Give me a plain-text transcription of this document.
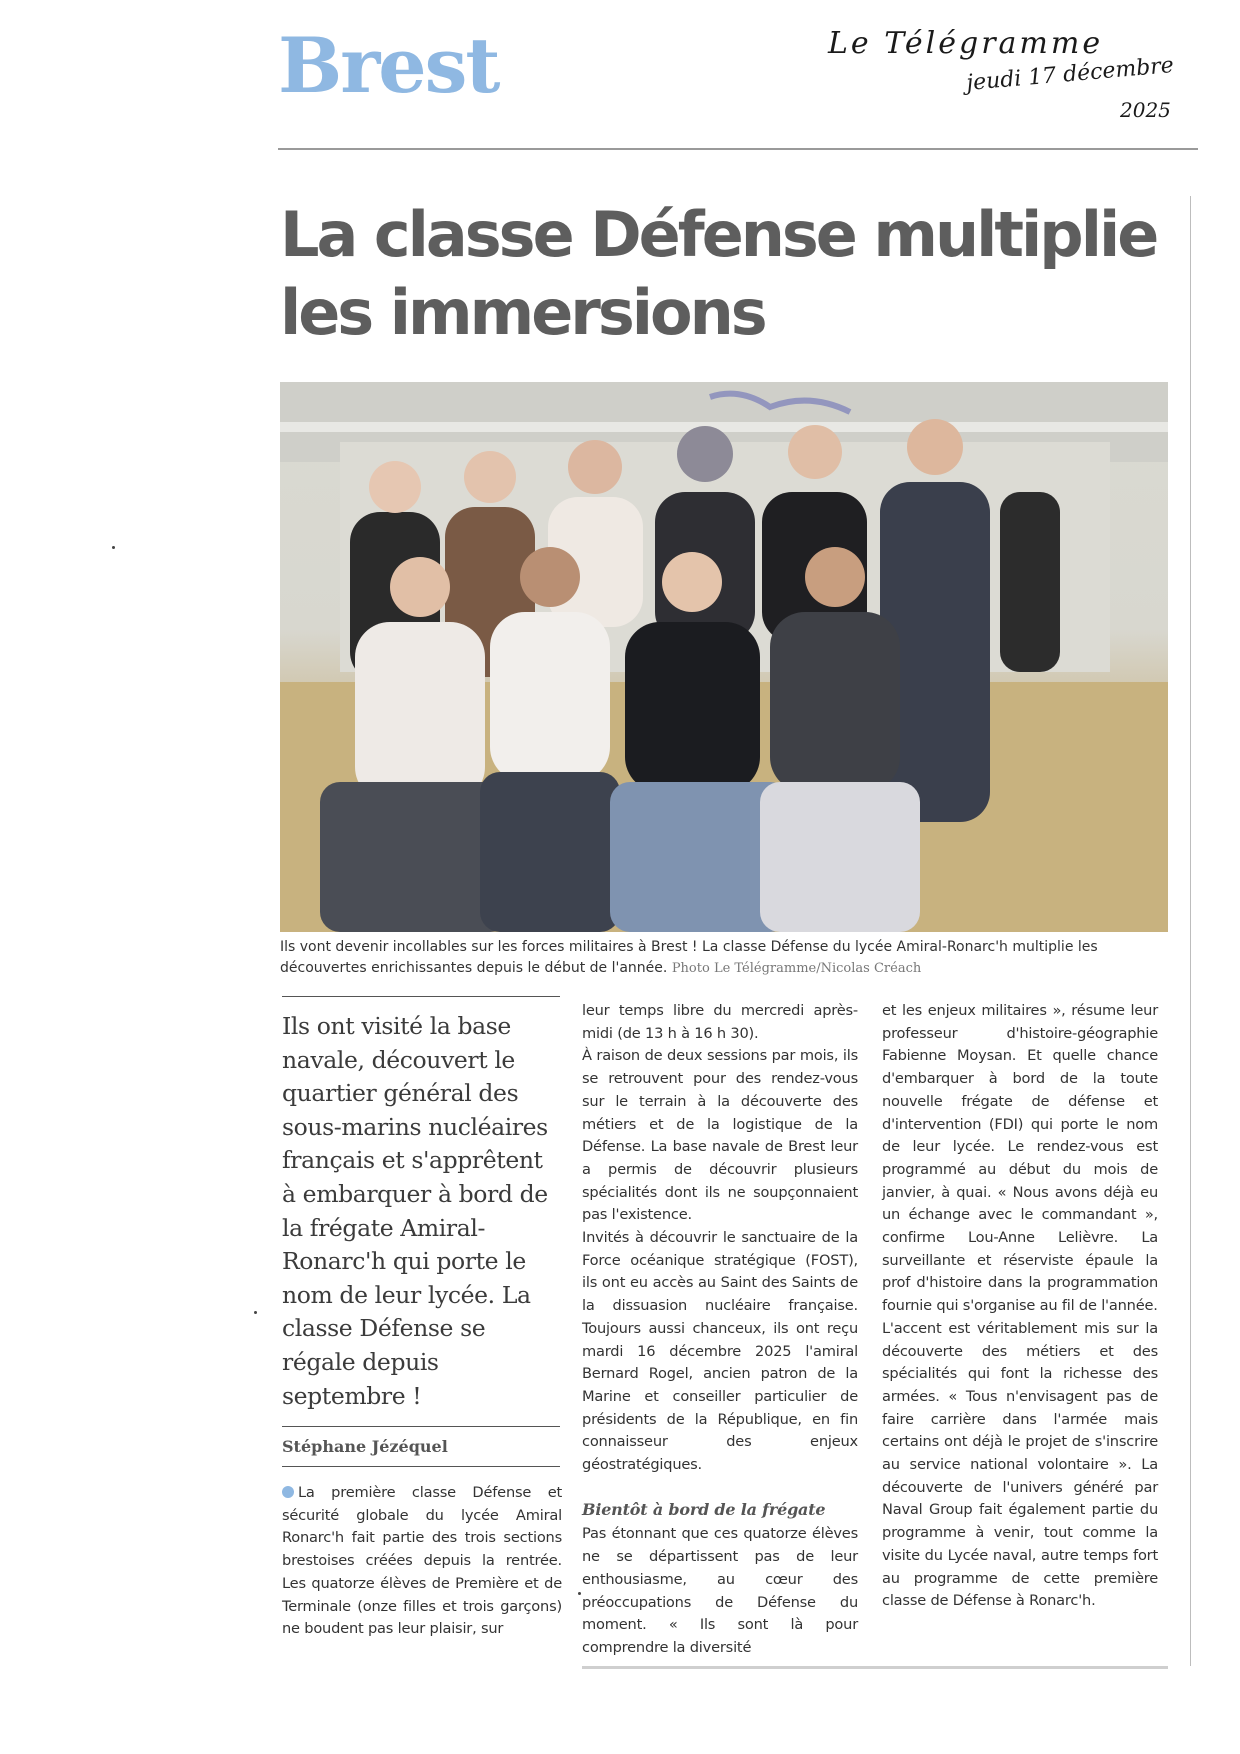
Brest	Le Télégramme
jeudi 17 décembre
2025
La classe Défense multiplie les immersions
Ils vont devenir incollables sur les forces militaires à Brest ! La classe Défense du lycée Amiral-Ronarc'h multiplie les découvertes enrichissantes depuis le début de l'année. Photo Le Télégramme/Nicolas Créach

Ils ont visité la base navale, découvert le quartier général des sous-marins nucléaires français et s'apprêtent à embarquer à bord de la frégate Amiral-Ronarc'h qui porte le nom de leur lycée. La classe Défense se régale depuis septembre !

Stéphane Jézéquel

La première classe Défense et sécurité globale du lycée Amiral Ronarc'h fait partie des trois sections brestoises créées depuis la rentrée. Les quatorze élèves de Première et de Terminale (onze filles et trois garçons) ne boudent pas leur plaisir, sur

leur temps libre du mercredi après-midi (de 13 h à 16 h 30).

À raison de deux sessions par mois, ils se retrouvent pour des rendez-vous sur le terrain à la découverte des métiers et de la logistique de la Défense. La base navale de Brest leur a permis de découvrir plusieurs spécialités dont ils ne soupçonnaient pas l'existence.

Invités à découvrir le sanctuaire de la Force océanique stratégique (FOST), ils ont eu accès au Saint des Saints de la dissuasion nucléaire française. Toujours aussi chanceux, ils ont reçu mardi 16 décembre 2025 l'amiral Bernard Rogel, ancien patron de la Marine et conseiller particulier de présidents de la République, en fin connaisseur des enjeux géostratégiques.

Bientôt à bord de la frégate

Pas étonnant que ces quatorze élèves ne se départissent pas de leur enthousiasme, au cœur des préoccupations de Défense du moment. « Ils sont là pour comprendre la diversité

et les enjeux militaires », résume leur professeur d'histoire-géographie Fabienne Moysan. Et quelle chance d'embarquer à bord de la toute nouvelle frégate de défense et d'intervention (FDI) qui porte le nom de leur lycée. Le rendez-vous est programmé au début du mois de janvier, à quai. « Nous avons déjà eu un échange avec le commandant », confirme Lou-Anne Lelièvre. La surveillante et réserviste épaule la prof d'histoire dans la programmation fournie qui s'organise au fil de l'année.

L'accent est véritablement mis sur la découverte des métiers et des spécialités qui font la richesse des armées. « Tous n'envisagent pas de faire carrière dans l'armée mais certains ont déjà le projet de s'inscrire au service national volontaire ». La découverte de l'univers généré par Naval Group fait également partie du programme à venir, tout comme la visite du Lycée naval, autre temps fort au programme de cette première classe de Défense à Ronarc'h.
